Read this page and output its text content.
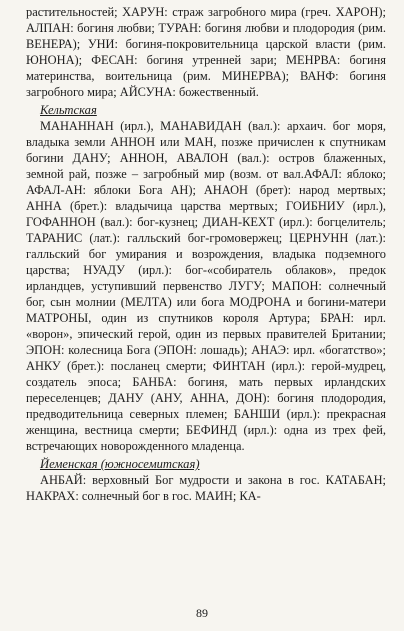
растительностей; ХАРУН: страж загробного мира (греч. ХАРОН); АЛПАН: богиня любви; ТУРАН: богиня любви и плодородия (рим. ВЕНЕРА); УНИ: богиня-покровительница царской власти (рим. ЮНОНА); ФЕСАН: богиня утренней зари; МЕНРВА: богиня материнства, воительница (рим. МИНЕРВА); ВАНФ: богиня загробного мира; АЙСУНА: божественный.

Кельтская

МАНАННАН (ирл.), МАНАВИДАН (вал.): архаич. бог моря, владыка земли АННОН или МАН, позже причислен к спутникам богини ДАНУ; АННОН, АВАЛОН (вал.): остров блаженных, земной рай, позже – загробный мир (возм. от вал.АФАЛ: яблоко; АФАЛ-АН: яблоки Бога АН); АНАОН (брет): народ мертвых; АННА (брет.): владычица царства мертвых; ГОИБНИУ (ирл.), ГОФАННОН (вал.): бог-кузнец; ДИАН-КЕХТ (ирл.): богцелитель; ТАРАНИС (лат.): галльский бог-громовержец; ЦЕРНУНН (лат.): галльский бог умирания и возрождения, владыка подземного царства; НУАДУ (ирл.): бог-«собиратель облаков», предок ирландцев, уступивший первенство ЛУГУ; МАПОН: солнечный бог, сын молнии (МЕЛТА) или бога МОДРОНА и богини-матери МАТРОНЫ, один из спутников короля Артура; БРАН: ирл. «ворон», эпический герой, один из первых правителей Британии; ЭПОН: колесница Бога (ЭПОН: лошадь); АНАЭ: ирл. «богатство»; АНКУ (брет.): посланец смерти; ФИНТАН (ирл.): герой-мудрец, создатель эпоса; БАНБА: богиня, мать первых ирландских переселенцев; ДАНУ (АНУ, АННА, ДОН): богиня плодородия, предводительница северных племен; БАНШИ (ирл.): прекрасная женщина, вестница смерти; БЕФИНД (ирл.): одна из трех фей, встречающих новорожденного младенца.

Йеменская (южносемитская)

АНБАЙ: верховный Бог мудрости и закона в гос. КАТАБАН; НАКРАХ: солнечный бог в гос. МАИН; КА-

89
